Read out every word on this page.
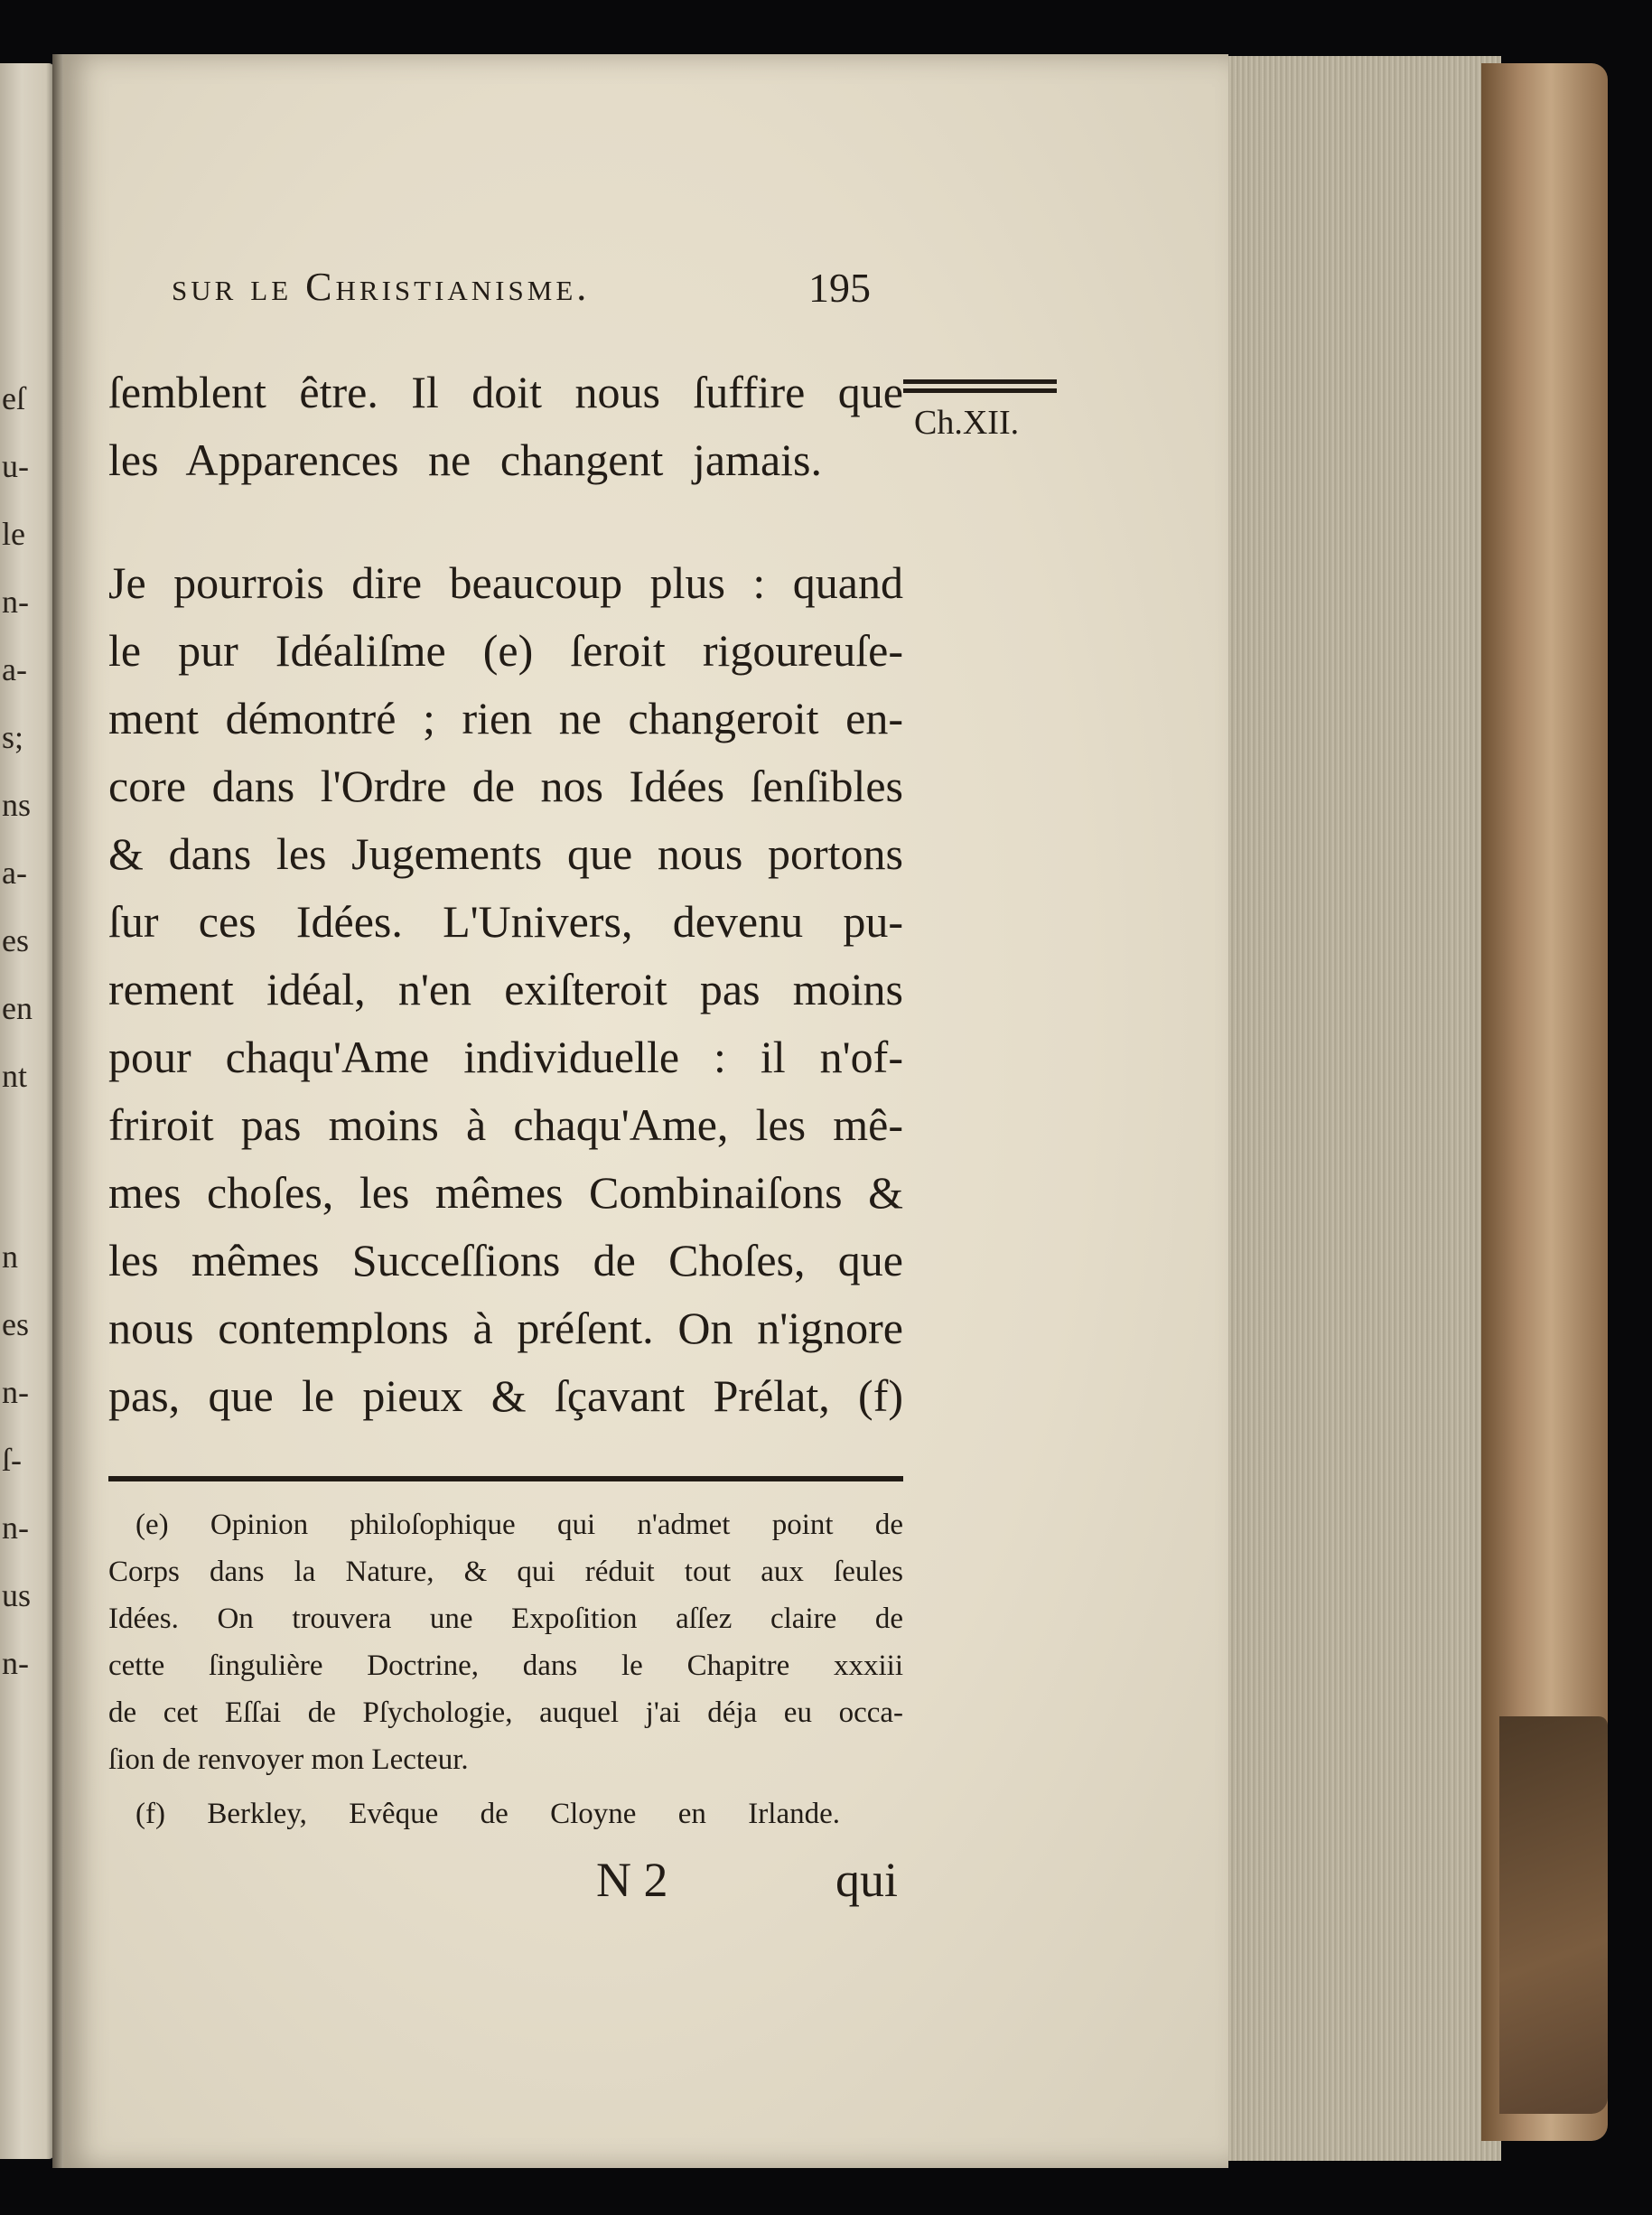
eſ
u-
le
n-
a-
s;
ns
a-
es
en
nt
n
es
n-
ſ-
n-
us
n-
sur le Christianisme.	195
Ch.XII.
ſemblent être. Il doit nous ſuffire que
les Apparences ne changent jamais.
Je pourrois dire beaucoup plus : quand
le pur Idéaliſme (e) ſeroit rigoureuſe-
ment démontré ; rien ne changeroit en-
core dans l'Ordre de nos Idées ſenſibles
& dans les Jugements que nous portons
ſur ces Idées. L'Univers, devenu pu-
rement idéal, n'en exiſteroit pas moins
pour chaqu'Ame individuelle : il n'of-
friroit pas moins à chaqu'Ame, les mê-
mes choſes, les mêmes Combinaiſons &
les mêmes Succeſſions de Choſes, que
nous contemplons à préſent. On n'ignore
pas, que le pieux & ſçavant Prélat, (f)
(e) Opinion philoſophique qui n'admet point de
Corps dans la Nature, & qui réduit tout aux ſeules
Idées. On trouvera une Expoſition aſſez claire de
cette ſingulière Doctrine, dans le Chapitre xxxiii
de cet Eſſai de Pſychologie, auquel j'ai déja eu occa-
ſion de renvoyer mon Lecteur.
(f) Berkley, Evêque de Cloyne en Irlande.
N 2	qui
